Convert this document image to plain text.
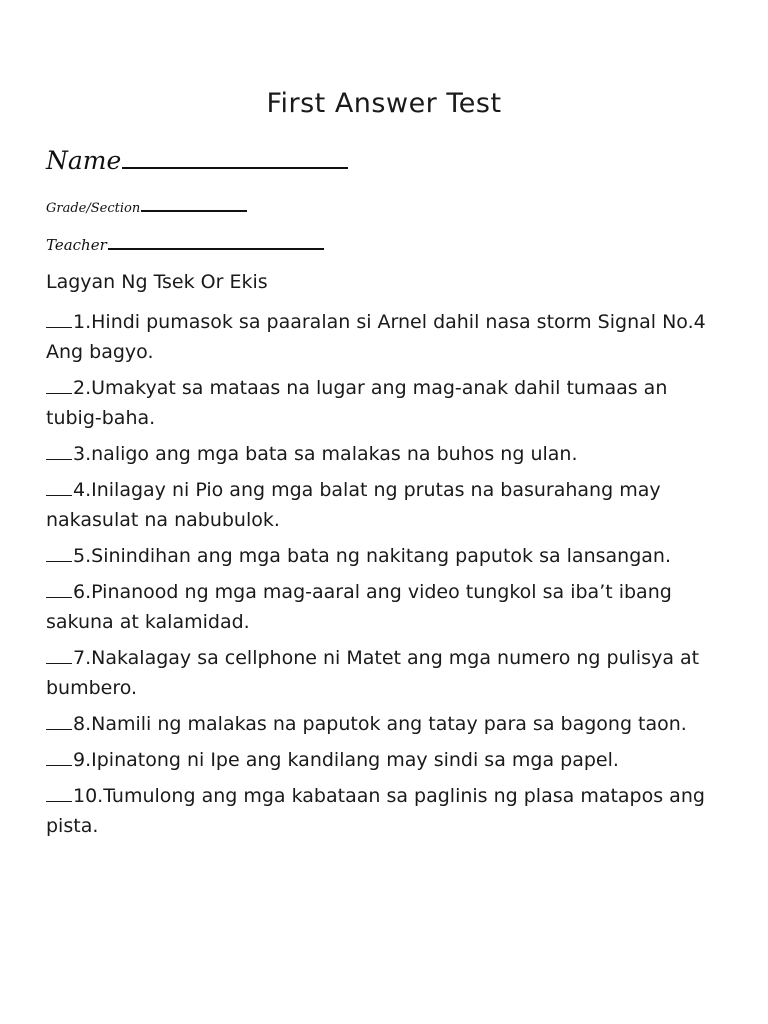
First Answer Test
Name
Grade/Section
Teacher
Lagyan Ng Tsek Or Ekis
1.Hindi pumasok sa paaralan si Arnel dahil nasa storm Signal No.4 Ang bagyo.
2.Umakyat sa mataas na lugar ang mag-anak dahil tumaas an tubig-baha.
3.naligo ang mga bata sa malakas na buhos ng ulan.
4.Inilagay ni Pio ang mga balat ng prutas na basurahang may nakasulat na nabubulok.
5.Sinindihan ang mga bata ng nakitang paputok sa lansangan.
6.Pinanood ng mga mag-aaral ang video tungkol sa iba’t ibang sakuna at kalamidad.
7.Nakalagay sa cellphone ni Matet ang mga numero ng pulisya at bumbero.
8.Namili ng malakas na paputok ang tatay para sa bagong taon.
9.Ipinatong ni Ipe ang kandilang may sindi sa mga papel.
10.Tumulong ang mga kabataan sa paglinis ng plasa matapos ang pista.
